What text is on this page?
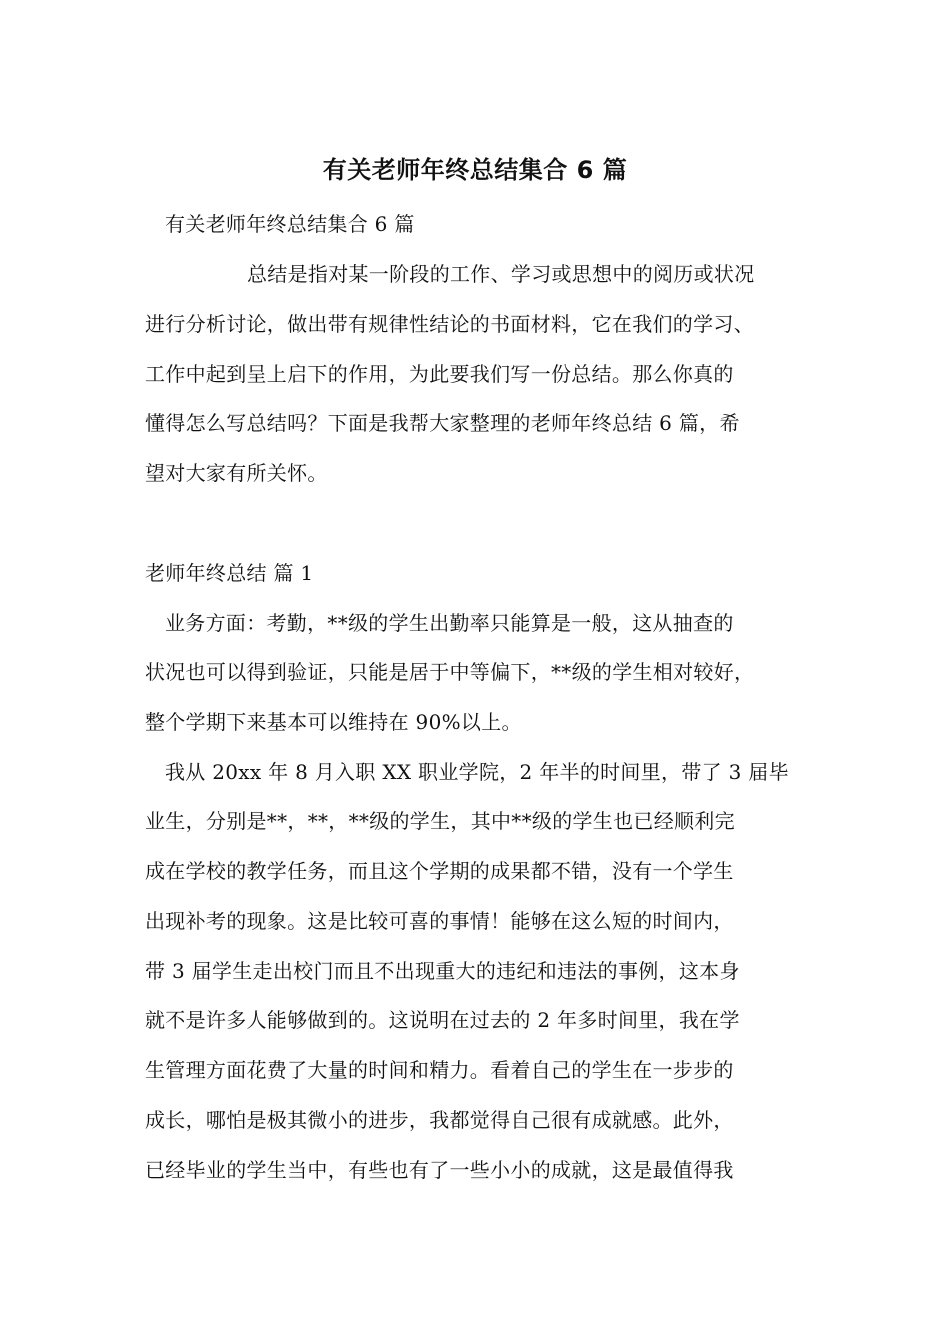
有关老师年终总结集合 6 篇
有关老师年终总结集合 6 篇
总结是指对某一阶段的工作、学习或思想中的阅历或状况
进行分析讨论，做出带有规律性结论的书面材料，它在我们的学习、
工作中起到呈上启下的作用，为此要我们写一份总结。那么你真的
懂得怎么写总结吗？下面是我帮大家整理的老师年终总结 6 篇，希
望对大家有所关怀。
老师年终总结 篇 1
业务方面：考勤，**级的学生出勤率只能算是一般，这从抽查的
状况也可以得到验证，只能是居于中等偏下，**级的学生相对较好，
整个学期下来基本可以维持在 90%以上。
我从 20xx 年 8 月入职 XX 职业学院，2 年半的时间里，带了 3 届毕
业生，分别是**，**，**级的学生，其中**级的学生也已经顺利完
成在学校的教学任务，而且这个学期的成果都不错，没有一个学生
出现补考的现象。这是比较可喜的事情！能够在这么短的时间内，
带 3 届学生走出校门而且不出现重大的违纪和违法的事例，这本身
就不是许多人能够做到的。这说明在过去的 2 年多时间里，我在学
生管理方面花费了大量的时间和精力。看着自己的学生在一步步的
成长，哪怕是极其微小的进步，我都觉得自己很有成就感。此外，
已经毕业的学生当中，有些也有了一些小小的成就，这是最值得我
